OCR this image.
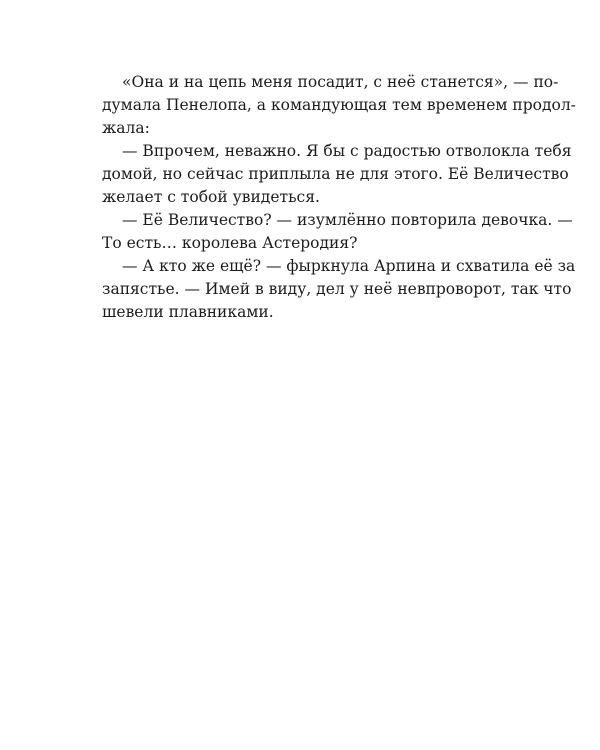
«Она и на цепь меня посадит, с неё станется», — по-
думала Пенелопа, а командующая тем временем продол-
жала:
— Впрочем, неважно. Я бы с радостью отволокла тебя
домой, но сейчас приплыла не для этого. Её Величество
желает с тобой увидеться.
— Её Величество? — изумлённо повторила девочка. —
То есть… королева Астеродия?
— А кто же ещё? — фыркнула Арпина и схватила её за
запястье. — Имей в виду, дел у неё невпроворот, так что
шевели плавниками.
